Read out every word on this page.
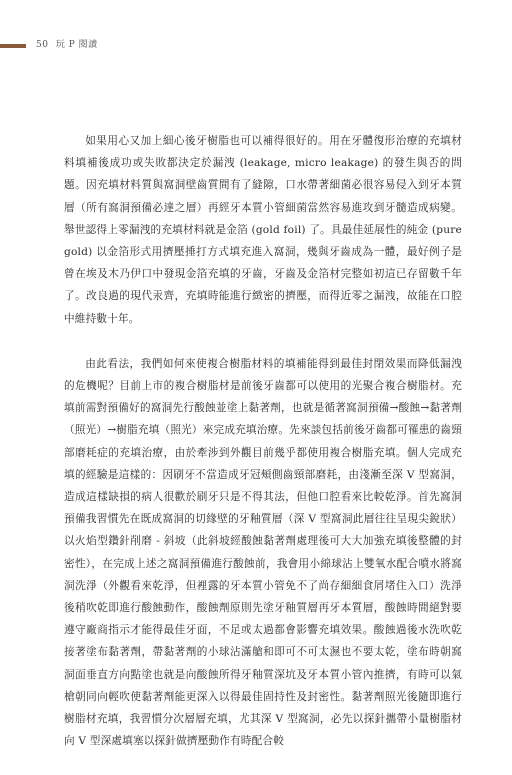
50 玩 P 閱讀

如果用心又加上細心後牙樹脂也可以補得很好的。用在牙體復形治療的充填材料填補後成功或失敗都決定於漏洩 (leakage, micro leakage) 的發生與否的問題。因充填材料質與窩洞壁齒質間有了縫隙，口水帶著細菌必很容易侵入到牙本質層（所有窩洞預備必達之層）再經牙本質小管細菌當然容易進攻到牙髓造成病變。舉世認得上零漏洩的充填材料就是金箔 (gold foil) 了。具最佳延展性的純金 (pure gold) 以金箔形式用擠壓捶打方式填充進入窩洞，幾與牙齒成為一體，最好例子是曾在埃及木乃伊口中發現金箔充填的牙齒，牙齒及金箔材完整如初這已存留數千年了。改良過的現代汞齊，充填時能進行緻密的擠壓，而得近零之漏洩，故能在口腔中維持數十年。

由此看法，我們如何來使複合樹脂材料的填補能得到最佳封閉效果而降低漏洩的危機呢？目前上市的複合樹脂材是前後牙齒都可以使用的光聚合複合樹脂材。充填前需對預備好的窩洞先行酸蝕並塗上黏著劑，也就是循著窩洞預備→酸蝕→黏著劑（照光）→樹脂充填（照光）來完成充填治療。先來談包括前後牙齒都可罹患的齒頸部磨耗症的充填治療，由於牽涉到外觀目前幾乎都使用複合樹脂充填。個人完成充填的經驗是這樣的：因刷牙不當造成牙冠頰側齒頸部磨耗，由淺漸至深 V 型窩洞，造成這樣缺損的病人很歡於刷牙只是不得其法，但他口腔看來比較乾淨。首先窩洞預備我習慣先在既成窩洞的切緣壁的牙釉質層（深 V 型窩洞此層往往呈現尖銳狀）以火焰型鑽針削磨 - 斜坡（此斜坡經酸蝕黏著劑處理後可大大加強充填後整體的封密性），在完成上述之窩洞預備進行酸蝕前，我會用小綿球沾上雙氧水配合噴水將窩洞洗淨（外觀看來乾淨，但裡露的牙本質小管免不了尚存細細食屑堵住入口）洗淨後稍吹乾即進行酸蝕動作，酸蝕劑原則先塗牙釉質層再牙本質層，酸蝕時間絕對要遵守廠商指示才能得最佳牙面，不足或太過都會影響充填效果。酸蝕過後水洗吹乾接著塗布黏著劑，帶黏著劑的小球沾滿艙和即可不可太濕也不要太乾，塗布時朝窩洞面垂直方向點塗也就是向酸蝕所得牙釉質深坑及牙本質小管內推擠，有時可以氣槍朝同向輕吹使黏著劑能更深入以得最佳固持性及封密性。黏著劑照光後隨即進行樹脂材充填，我習慣分次層層充填，尤其深 V 型窩洞，必先以探針攜帶小量樹脂材向 V 型深處填塞以探針做擠壓動作有時配合較
